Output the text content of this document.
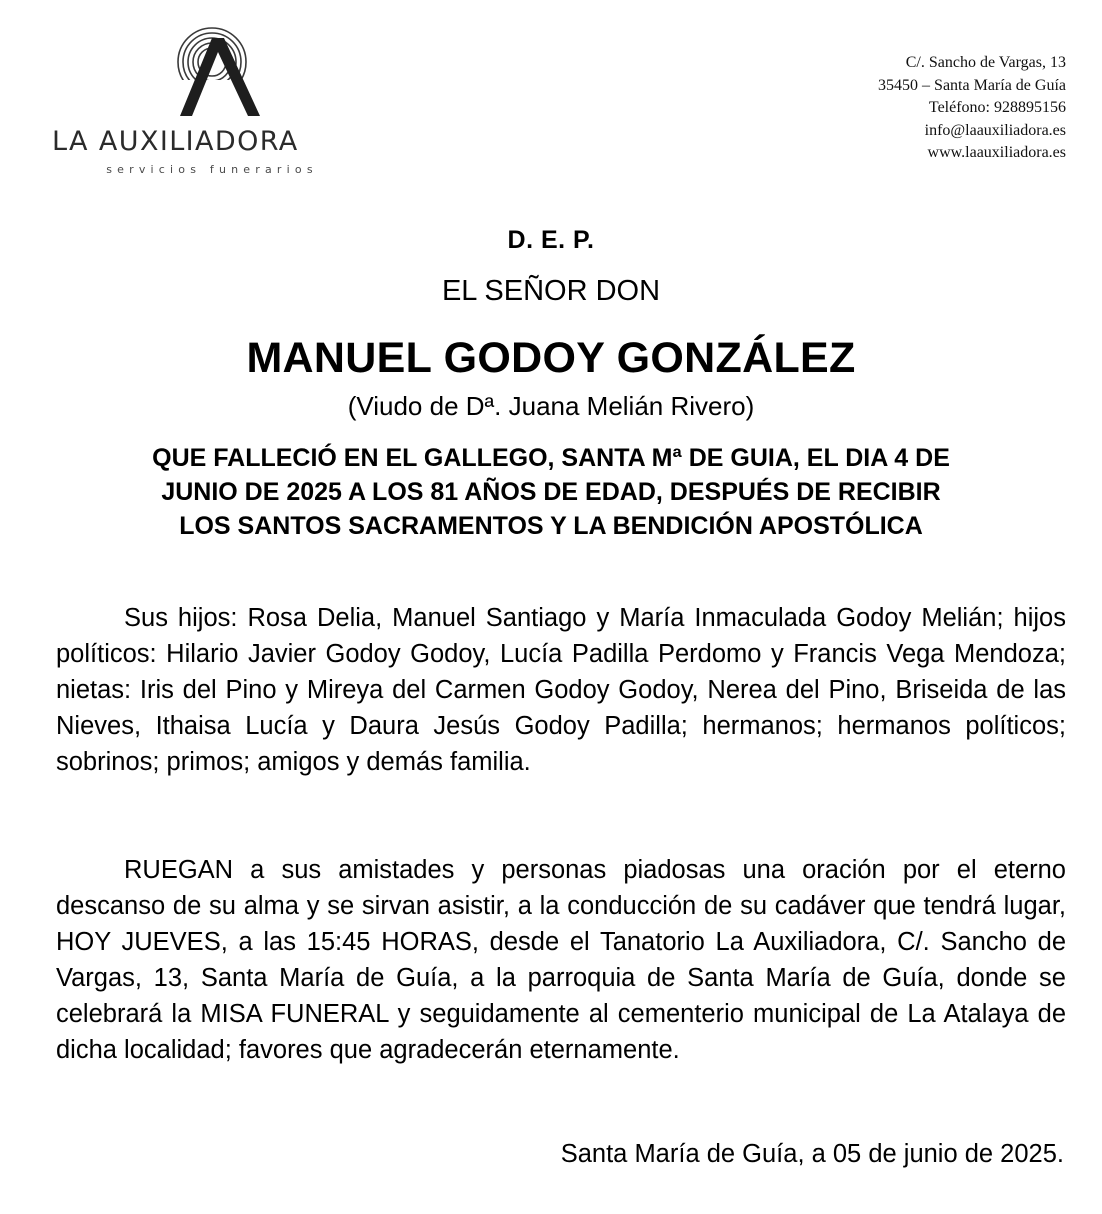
LA AUXILIADORA
servicios funerarios
C/. Sancho de Vargas, 13
35450 – Santa María de Guía
Teléfono: 928895156
info@laauxiliadora.es
www.laauxiliadora.es
D. E. P.
EL SEÑOR DON
MANUEL GODOY GONZÁLEZ
(Viudo de Dª. Juana Melián Rivero)
QUE FALLECIÓ EN EL GALLEGO, SANTA Mª DE GUIA, EL DIA 4 DE
JUNIO DE 2025 A LOS 81 AÑOS DE EDAD, DESPUÉS DE RECIBIR
LOS SANTOS SACRAMENTOS Y LA BENDICIÓN APOSTÓLICA

Sus hijos: Rosa Delia, Manuel Santiago y María Inmaculada Godoy Melián; hijos políticos: Hilario Javier Godoy Godoy, Lucía Padilla Perdomo y Francis Vega Mendoza; nietas: Iris del Pino y Mireya del Carmen Godoy Godoy, Nerea del Pino, Briseida de las Nieves, Ithaisa Lucía y Daura Jesús Godoy Padilla; hermanos; hermanos políticos; sobrinos; primos; amigos y demás familia.

RUEGAN a sus amistades y personas piadosas una oración por el eterno descanso de su alma y se sirvan asistir, a la conducción de su cadáver que tendrá lugar, HOY JUEVES, a las 15:45 HORAS, desde el Tanatorio La Auxiliadora, C/. Sancho de Vargas, 13, Santa María de Guía, a la parroquia de Santa María de Guía, donde se celebrará la MISA FUNERAL y seguidamente al cementerio municipal de La Atalaya de dicha localidad; favores que agradecerán eternamente.

Santa María de Guía, a 05 de junio de 2025.
